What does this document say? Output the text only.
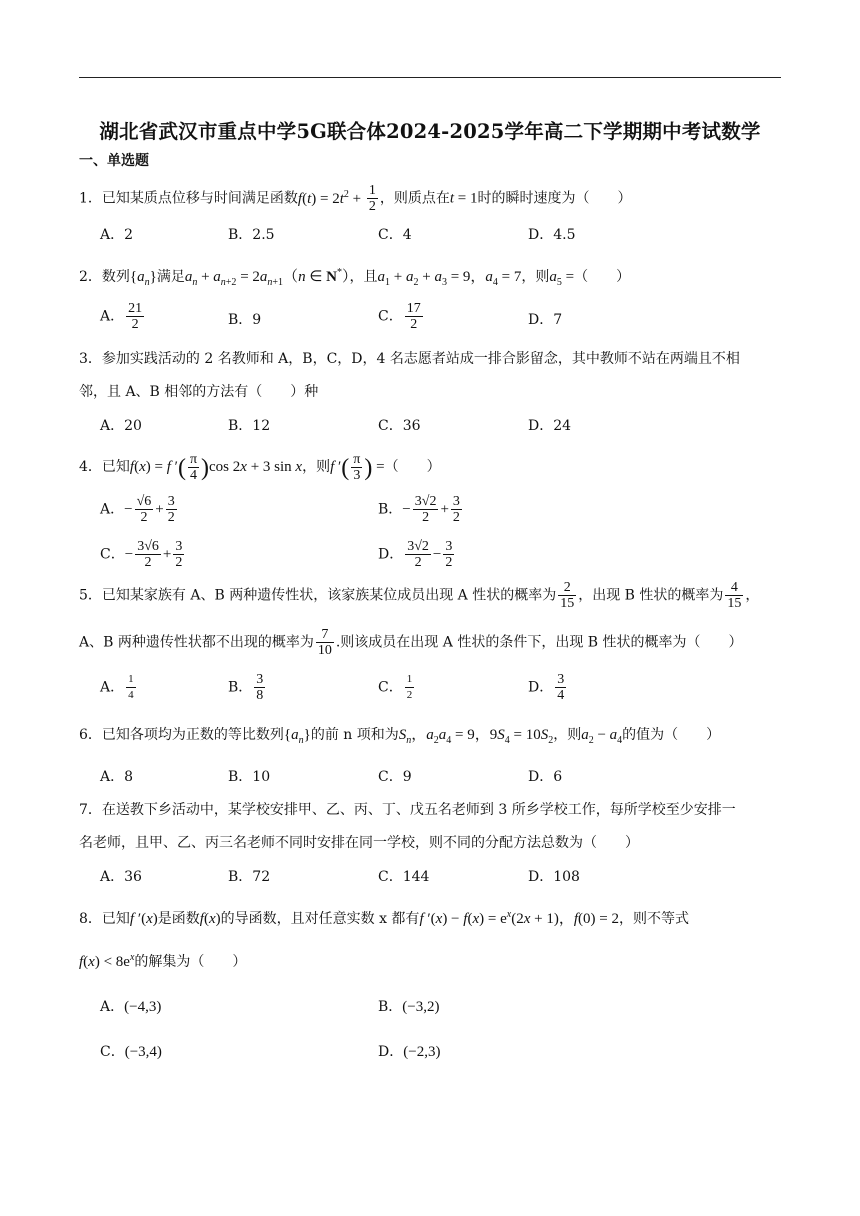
湖北省武汉市重点中学5G联合体2024-2025学年高二下学期期中考试数学
一、单选题
1．已知某质点位移与时间满足函数$f(t) = 2t^2 + \frac{1}{2}$ ，则质点在t = 1时的瞬时速度为（　　）
A．2	B．2.5	C．4	D．4.5
2．数列$\{a_n\}$满足$a_n + a_{n+2} = 2a_{n+1}(n$ ∈ N*），且$a_1 + a_2 + a_3 = 9$，$a_4 = 7$，则$a_5$ =（　　）
A． $\frac{21}{2}$	B．9	C． $\frac{17}{2}$	D．7
3．参加实践活动的 2 名教师和 A，B，C，D，4 名志愿者站成一排合影留念，其中教师不站在两端且不相
邻，且 A、B 相邻的方法有（　　）种
A．20	B．12	C．36	D．24
4．已知f(x) = f ′( $\frac{\pi}{4} )\cos$ 2x + 3 sin x，则f ′( $\frac{\pi}{3}$ ) =（　　）
A．− $\frac{√6}{2} + \frac{3}{2}$	B．− $\frac{3√2}{2} + \frac{3}{2}$
C．− $\frac{3√6}{2} + \frac{3}{2}$	D． $\frac{3√2}{2} - \frac{3}{2}$
5．已知某家族有 A、B 两种遗传性状，该家族某位成员出现 A 性状的概率为 $\frac{2}{15}$ ，出现 B 性状的概率为 $\frac{4}{15}$ ，
A、B 两种遗传性状都不出现的概率为 $\frac{7}{10}$ .则该成员在出现 A 性状的条件下，出现 B 性状的概率为（　　）
A． $\frac{1}{4}$	B． $\frac{3}{8}$	C． $\frac{1}{2}$	D． $\frac{3}{4}$
6．已知各项均为正数的等比数列$\{a_n\}$的前 n 项和为$S_n$，$a_2a_4 = 9$，$9S_4 = 10S_2$，则$a_2 - a_4$的值为（　　）
A．8	B．10	C．9	D．6
7．在送教下乡活动中，某学校安排甲、乙、丙、丁、戊五名老师到 3 所乡学校工作，每所学校至少安排一
名老师，且甲、乙、丙三名老师不同时安排在同一学校，则不同的分配方法总数为（　　）
A．36	B．72	C．144	D．108
8．已知f ′(x)是函数f(x)的导函数，且对任意实数 x 都有f $'(x) - f(x) = e^x(2x + 1)$，f(0) = 2，则不等式
$f(x) < 8e^x$的解集为（　　）
A．(−4,3)	B．(−3,2)
C．(−3,4)	D．(−2,3)
